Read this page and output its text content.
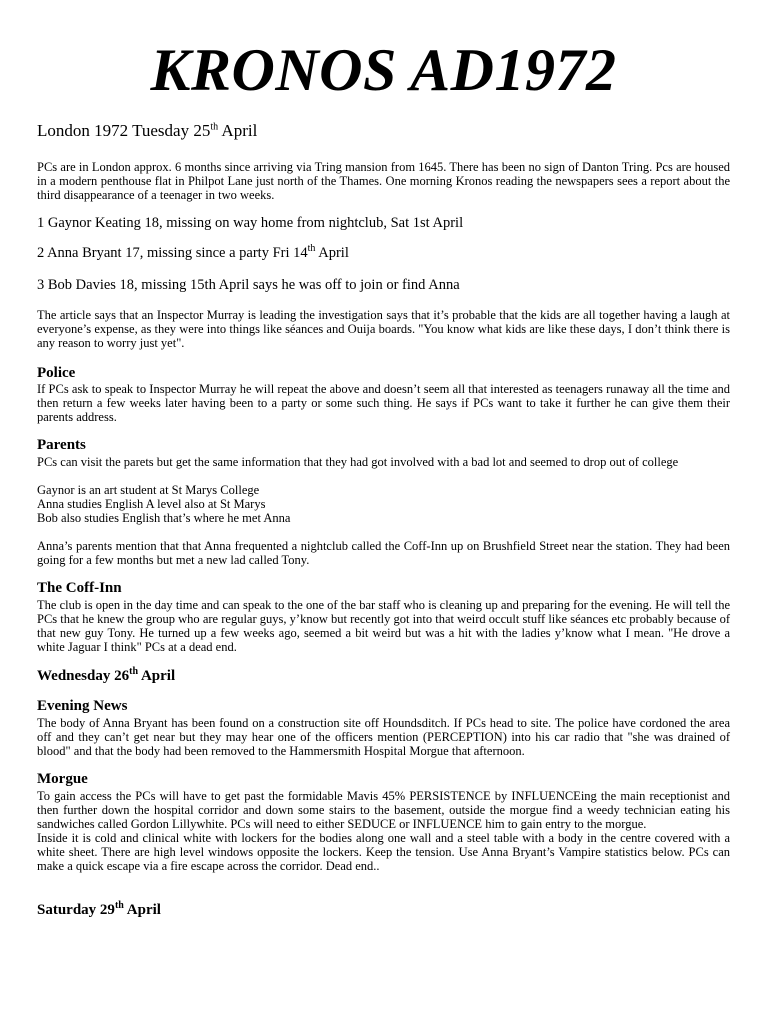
KRONOS AD1972
London 1972 Tuesday 25th April

PCs are in London approx. 6 months since arriving via Tring mansion from 1645. There has been no sign of Danton Tring. Pcs are housed in a modern penthouse flat in Philpot Lane just north of the Thames. One morning Kronos reading the newspapers sees a report about the third disappearance of a teenager in two weeks.

1 Gaynor Keating 18, missing on way home from nightclub, Sat 1st April
2 Anna Bryant 17, missing since a party Fri 14th April
3 Bob Davies 18, missing 15th April says he was off to join or find Anna

The article says that an Inspector Murray is leading the investigation says that it’s probable that the kids are all together having a laugh at everyone’s expense, as they were into things like séances and Ouija boards. "You know what kids are like these days, I don’t think there is any reason to worry just yet".

Police

If PCs ask to speak to Inspector Murray he will repeat the above and doesn’t seem all that interested as teenagers runaway all the time and then return a few weeks later having been to a party or some such thing. He says if PCs want to take it further he can give them their parents address.

Parents
PCs can visit the parets but get the same information that they had got involved with a bad lot and seemed to drop out of college
Gaynor is an art student at St Marys College
Anna studies English A level also at St Marys
Bob also studies English that’s where he met Anna

Anna’s parents mention that that Anna frequented a nightclub called the Coff-Inn up on Brushfield Street near the station. They had been going for a few months but met a new lad called Tony.

The Coff-Inn

The club is open in the day time and can speak to the one of the bar staff who is cleaning up and preparing for the evening. He will tell the PCs that he knew the group who are regular guys, y’know but recently got into that weird occult stuff like séances etc probably because of that new guy Tony. He turned up a few weeks ago, seemed a bit weird but was a hit with the ladies y’know what I mean. "He drove a white Jaguar I think" PCs at a dead end.

Wednesday 26th April
Evening News

The body of Anna Bryant has been found on a construction site off Houndsditch. If PCs head to site. The police have cordoned the area off and they can’t get near but they may hear one of the officers mention (PERCEPTION) into his car radio that "she was drained of blood" and that the body had been removed to the Hammersmith Hospital Morgue that afternoon.

Morgue

To gain access the PCs will have to get past the formidable Mavis 45% PERSISTENCE by INFLUENCEing the main receptionist and then further down the hospital corridor and down some stairs to the basement, outside the morgue find a weedy technician eating his sandwiches called Gordon Lillywhite. PCs will need to either SEDUCE or INFLUENCE him to gain entry to the morgue.

Inside it is cold and clinical white with lockers for the bodies along one wall and a steel table with a body in the centre covered with a white sheet. There are high level windows opposite the lockers. Keep the tension. Use Anna Bryant’s Vampire statistics below. PCs can make a quick escape via a fire escape across the corridor. Dead end..

Saturday 29th April
